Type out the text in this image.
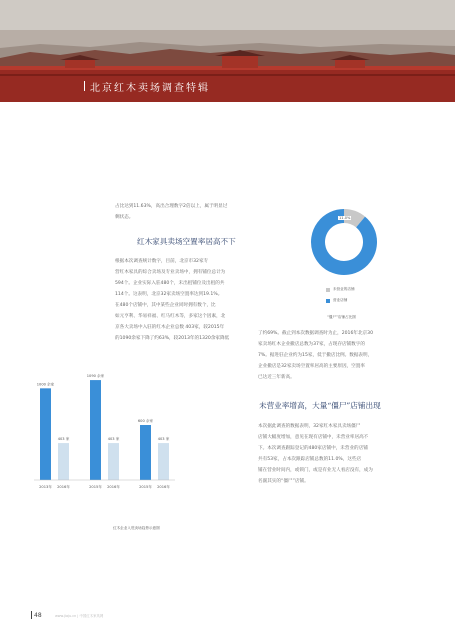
北京红木卖场调查特辑
占比达到11.63%，高出合理数字2倍以上，属于明显过
剩状态。
红木家具卖场空置率居高不下
根据本次调查统计数字，目前，北京市32家专
营红木家具的综合卖场及专业卖场中，拥有铺位总计为
594个。企业实际入驻480个，未出租铺位及出租的共
114个。这表明，北京32家卖场空置率达到19.1%。
在480个店铺中，其中某些企业同时拥有数个，比
如元亨利、华易祥福、红马红木等，多家这个因素，北
京各大卖场中入驻的红木企业总数 403家，较2015年
的1090余家下降了约63%，较2013年的1320余家降低
11.0%
未营业的店铺
营业店铺
“僵尸”店铺占比图
1000 余家
2013年
403 家
2016年
1090 余家
2015年
403 家
2016年
600 余家
2015年
403 家
2016年
红木企业入驻卖场趋势示意图
了约69%。截止到本次数据调查时为止，2016年北京30
家卖场红木企业撤店总数为37家，占现存店铺数字的
7%。据进驻企业约为15家，低于撤店比例。数据表明，
企业撤店是32家卖场空置率居高的主要原因，空置率
已达近三年新高。
未营业率增高，大量“僵尸”店铺出现
本次据此调查的数据表明，32家红木家具卖场僵尸
店铺大幅度增加，意见在现有店铺中，未营业率居高不
下。本次调查跟踪登记的480家店铺中，未营业的店铺
共有53家，占本次跟踪店铺总数的11.0%，这些店
铺在营业时间内，或锁门，或是有业无人看店没有，成为
名副其实的“僵尸”店铺。
48	www.jiaju.cn | 中国红木家具网
